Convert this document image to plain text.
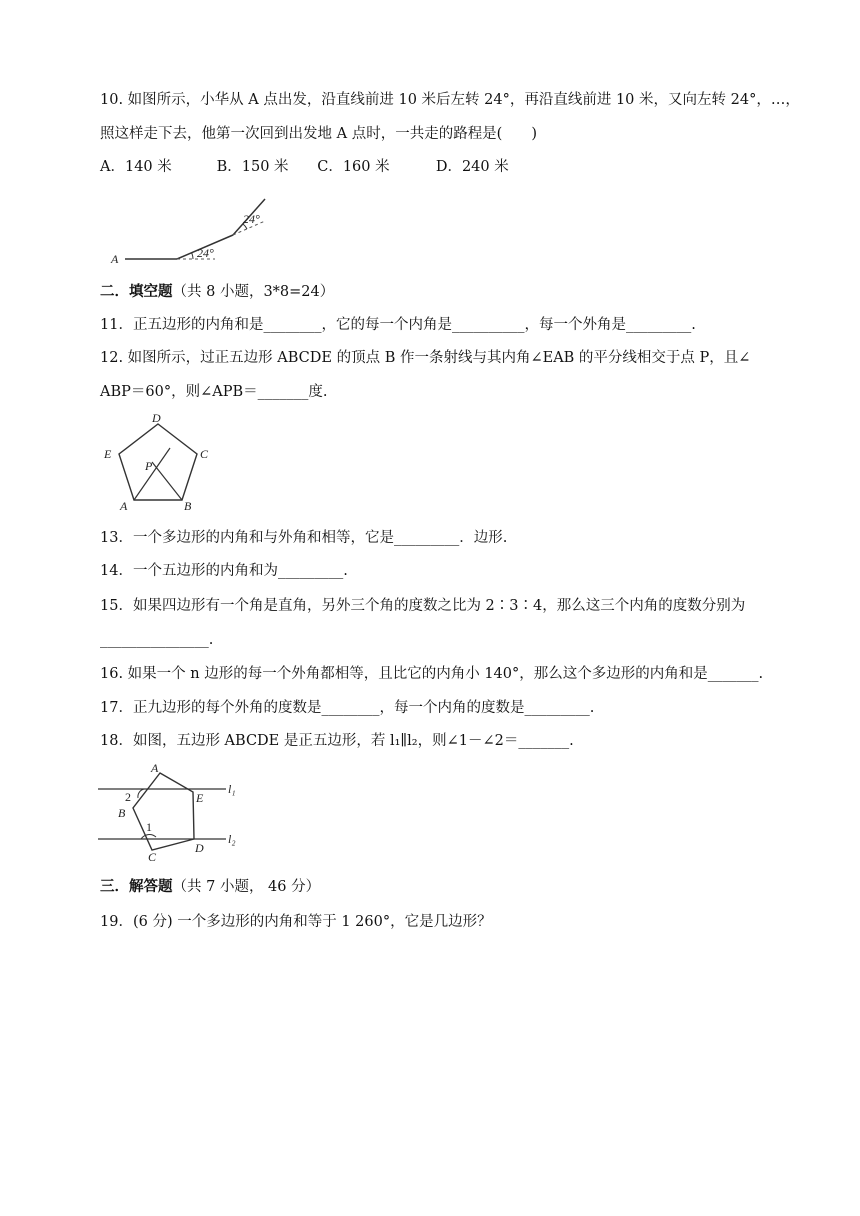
10. 如图所示，小华从 A 点出发，沿直线前进 10 米后左转 24°，再沿直线前进 10 米，又向左转 24°，…，
照这样走下去，他第一次回到出发地 A 点时，一共走的路程是(　　)
A．140 米	B．150 米 C．160 米	D．240 米
A	24°
24°
二．填空题（共 8 小题，3*8=24）
11．正五边形的内角和是________，它的每一个内角是__________，每一个外角是_________.
12. 如图所示，过正五边形 ABCDE 的顶点 B 作一条射线与其内角∠EAB 的平分线相交于点 P，且∠
ABP＝60°，则∠APB＝_______度.
D
C
B
A
E
P
13．一个多边形的内角和与外角和相等，它是_________．边形.
14．一个五边形的内角和为_________.
15．如果四边形有一个角是直角，另外三个角的度数之比为 2∶3∶4，那么这三个内角的度数分别为
_______________.
16. 如果一个 n 边形的每一个外角都相等，且比它的内角小 140°，那么这个多边形的内角和是_______.
17．正九边形的每个外角的度数是________，每一个内角的度数是_________.
18．如图，五边形 ABCDE 是正五边形，若 l₁∥l₂，则∠1－∠2＝_______.
A
E
D
C
B
2
1
l₁
l₂
三．解答题（共 7 小题， 46 分）
19．(6 分) 一个多边形的内角和等于 1 260°，它是几边形？
